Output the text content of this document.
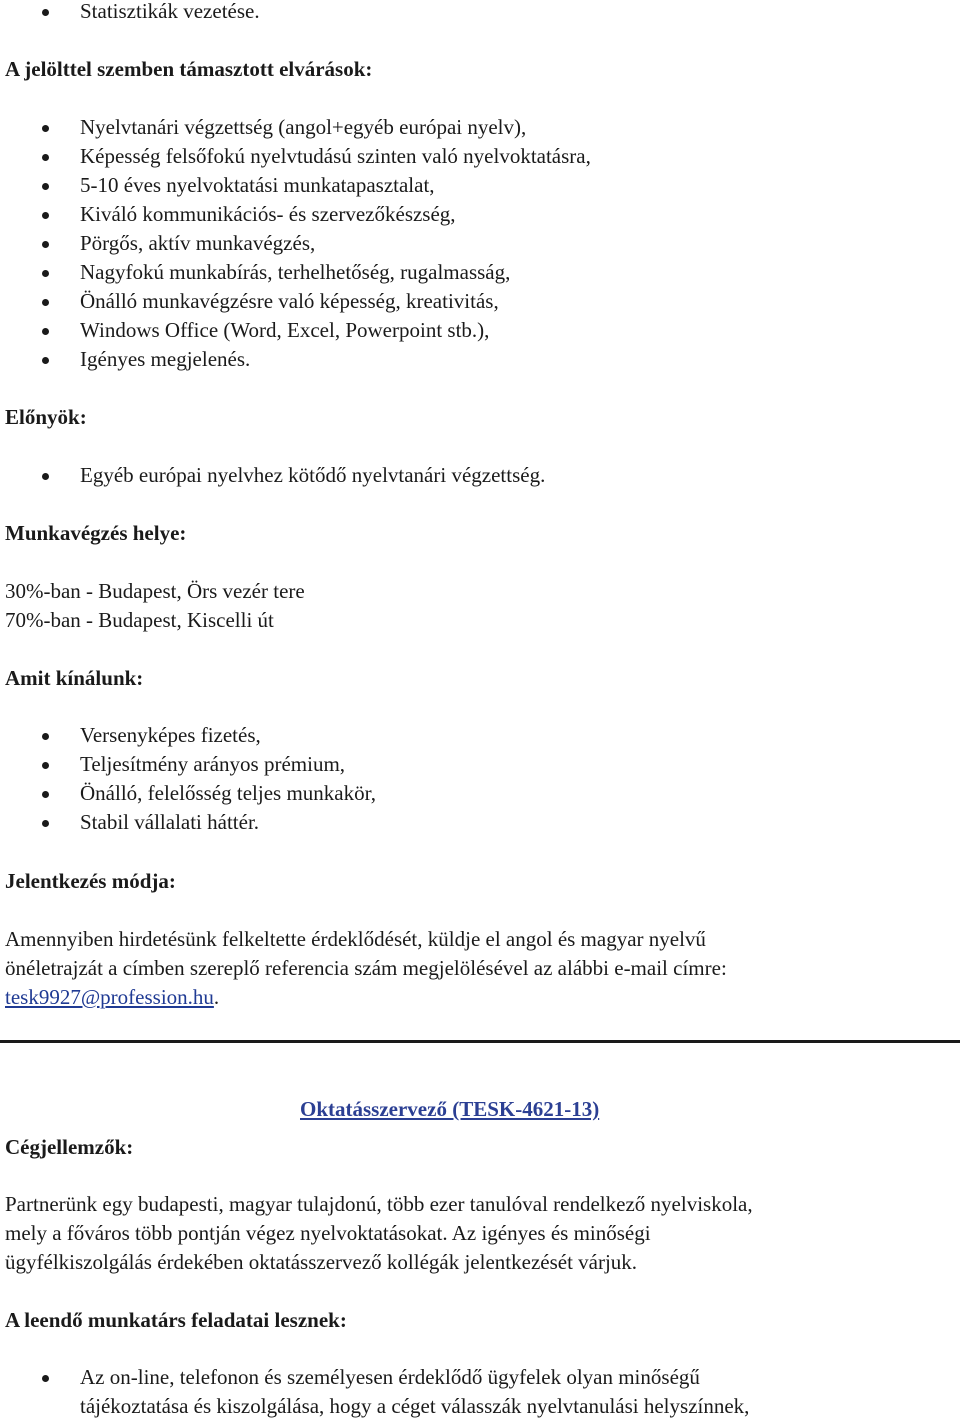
Statisztikák vezetése.

A jelölttel szemben támasztott elvárások:

Nyelvtanári végzettség (angol+egyéb európai nyelv),
Képesség felsőfokú nyelvtudású szinten való nyelvoktatásra,
5-10 éves nyelvoktatási munkatapasztalat,
Kiváló kommunikációs- és szervezőkészség,
Pörgős, aktív munkavégzés,
Nagyfokú munkabírás, terhelhetőség, rugalmasság,
Önálló munkavégzésre való képesség, kreativitás,
Windows Office (Word, Excel, Powerpoint stb.),
Igényes megjelenés.

Előnyök:

Egyéb európai nyelvhez kötődő nyelvtanári végzettség.

Munkavégzés helye:

30%-ban - Budapest, Örs vezér tere

70%-ban - Budapest, Kiscelli út

Amit kínálunk:

Versenyképes fizetés,
Teljesítmény arányos prémium,
Önálló, felelősség teljes munkakör,
Stabil vállalati háttér.

Jelentkezés módja:

Amennyiben hirdetésünk felkeltette érdeklődését, küldje el angol és magyar nyelvű
önéletrajzát a címben szereplő referencia szám megjelölésével az alábbi e-mail címre:
tesk9927@profession.hu.

Oktatásszervező (TESK-4621-13)

Cégjellemzők:

Partnerünk egy budapesti, magyar tulajdonú, több ezer tanulóval rendelkező nyelviskola,
mely a főváros több pontján végez nyelvoktatásokat. Az igényes és minőségi
ügyfélkiszolgálás érdekében oktatásszervező kollégák jelentkezését várjuk.

A leendő munkatárs feladatai lesznek:

Az on-line, telefonon és személyesen érdeklődő ügyfelek olyan minőségű

tájékoztatása és kiszolgálása, hogy a céget válasszák nyelvtanulási helyszínnek,
